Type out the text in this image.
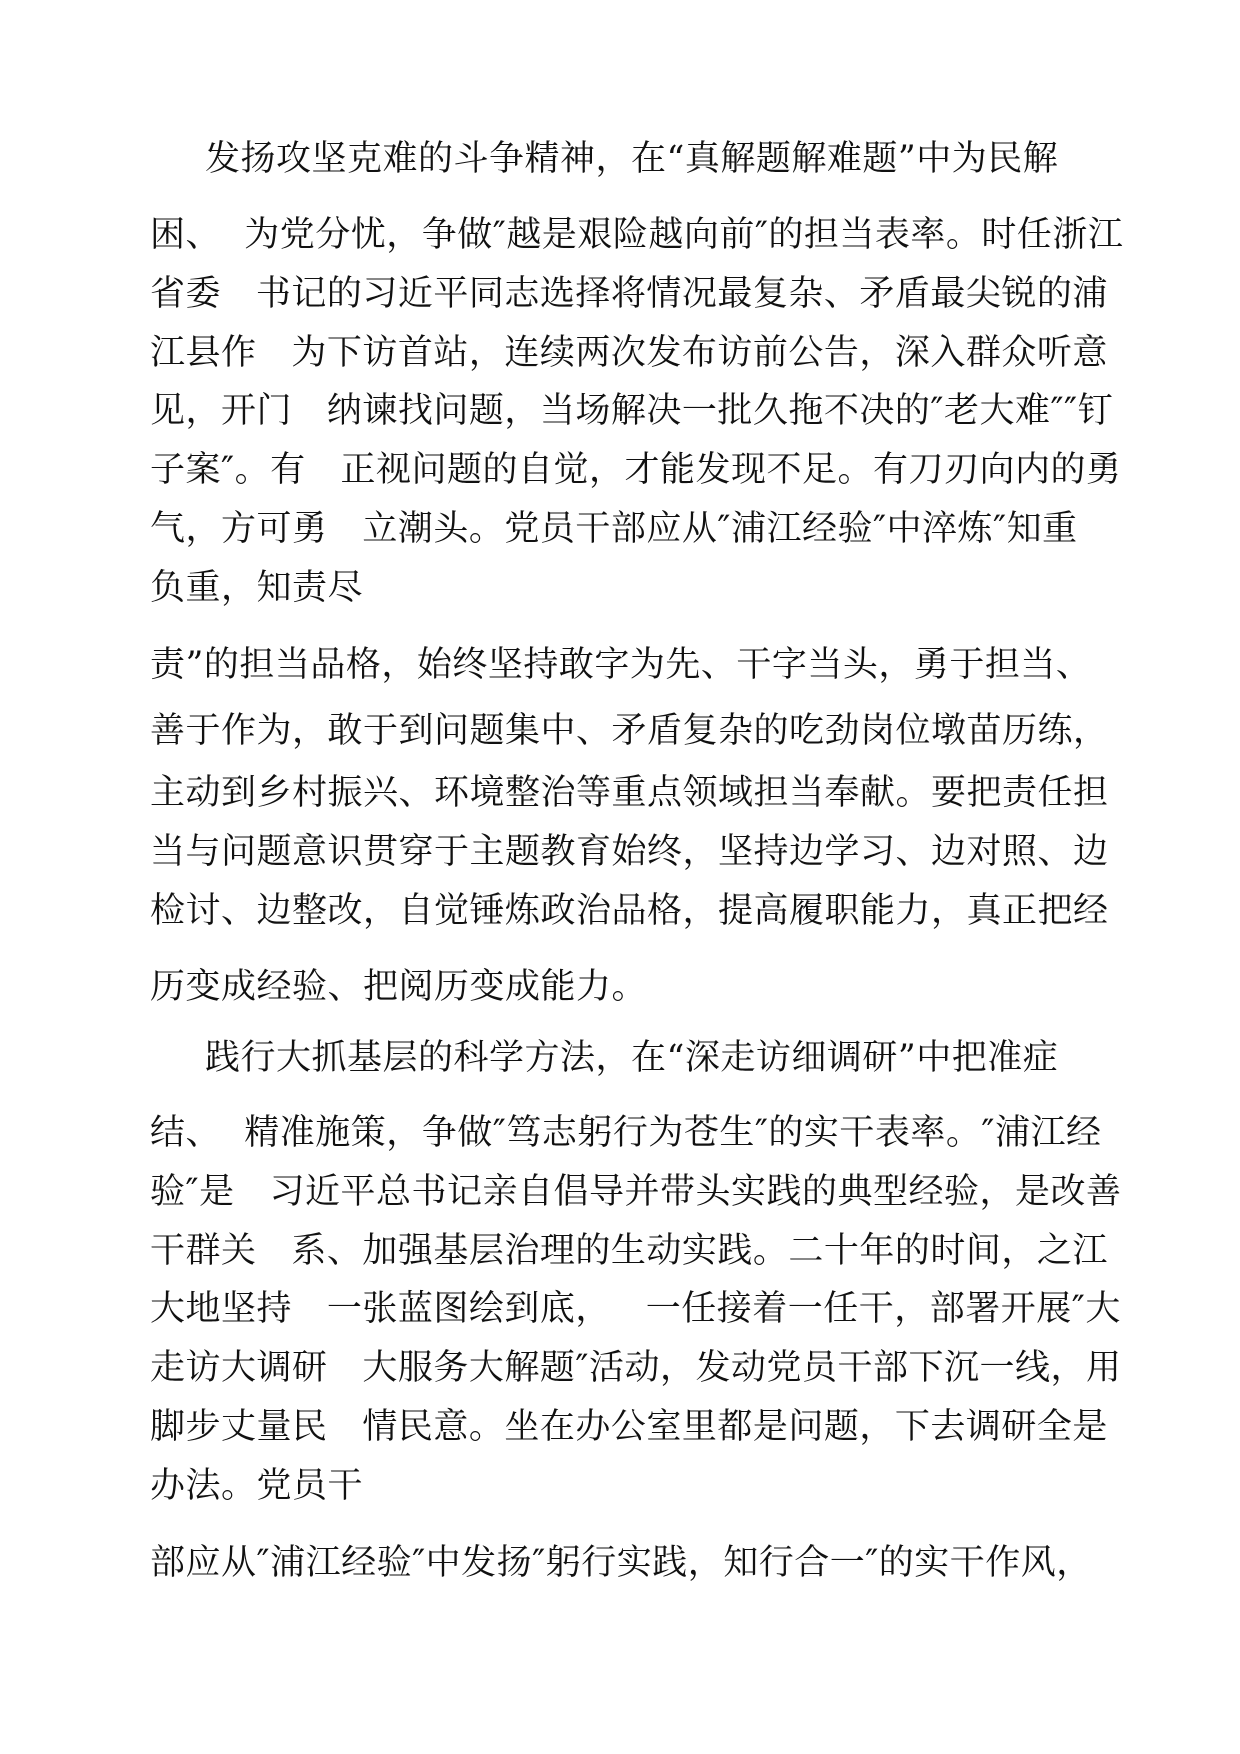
发扬攻坚克难的斗争精神，在“真解题解难题”中为民解
困、  为党分忧，争做″越是艰险越向前″的担当表率。时任浙江
省委   书记的习近平同志选择将情况最复杂、矛盾最尖锐的浦
江县作   为下访首站，连续两次发布访前公告，深入群众听意
见，开门   纳谏找问题，当场解决一批久拖不决的″老大难″″钉
子案″。有   正视问题的自觉，才能发现不足。有刀刃向内的勇
气，方可勇   立潮头。党员干部应从″浦江经验″中淬炼″知重
负重，知责尽
责”的担当品格，始终坚持敢字为先、干字当头，勇于担当、
善于作为，敢于到问题集中、矛盾复杂的吃劲岗位墩苗历练，
主动到乡村振兴、环境整治等重点领域担当奉献。要把责任担
当与问题意识贯穿于主题教育始终，坚持边学习、边对照、边
检讨、边整改，自觉锤炼政治品格，提高履职能力，真正把经
历变成经验、把阅历变成能力。
践行大抓基层的科学方法，在“深走访细调研”中把准症
结、  精准施策，争做″笃志躬行为苍生″的实干表率。″浦江经
验″是   习近平总书记亲自倡导并带头实践的典型经验，是改善
干群关   系、加强基层治理的生动实践。二十年的时间，之江
大地坚持   一张蓝图绘到底，   一任接着一任干，部署开展″大
走访大调研   大服务大解题″活动，发动党员干部下沉一线，用
脚步丈量民   情民意。坐在办公室里都是问题，下去调研全是
办法。党员干
部应从″浦江经验″中发扬″躬行实践，知行合一″的实干作风，
